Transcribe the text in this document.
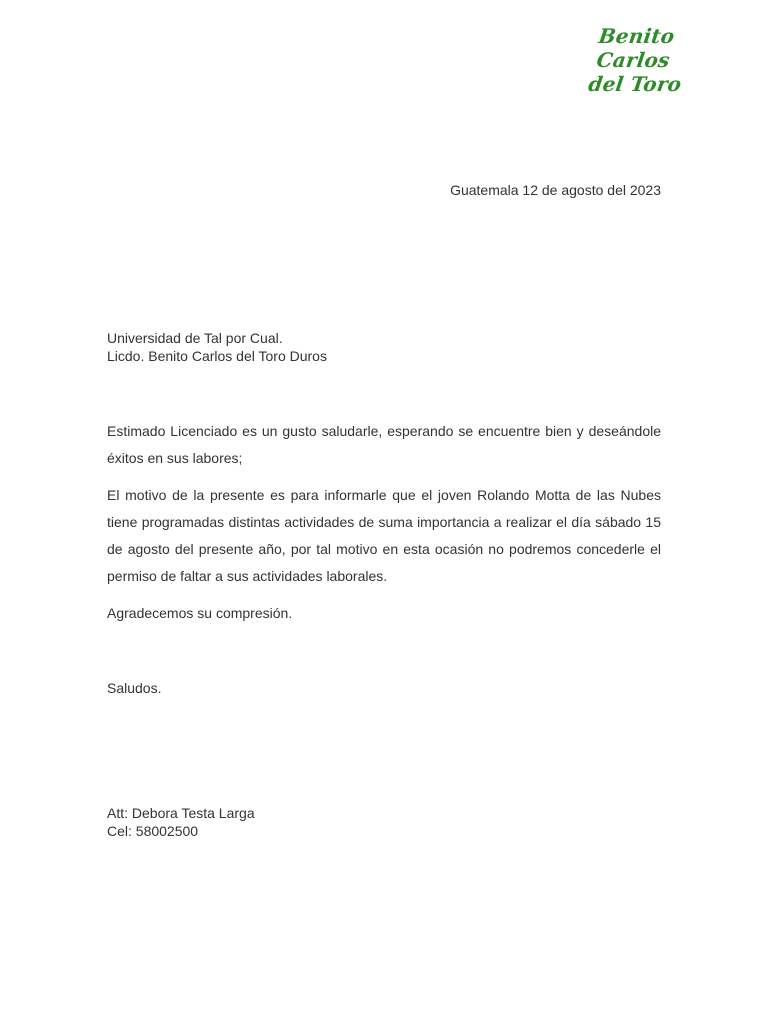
Benito Carlos
del Toro
Guatemala 12 de agosto del 2023
Universidad de Tal por Cual.
Licdo. Benito Carlos del Toro Duros

Estimado Licenciado es un gusto saludarle, esperando se encuentre bien y deseándole éxitos en sus labores;

El motivo de la presente es para informarle que el joven Rolando Motta de las Nubes tiene programadas distintas actividades de suma importancia a realizar el día sábado 15 de agosto del presente año, por tal motivo en esta ocasión no podremos concederle el permiso de faltar a sus actividades laborales.

Agradecemos su compresión.

Saludos.
Att: Debora Testa Larga
Cel: 58002500
